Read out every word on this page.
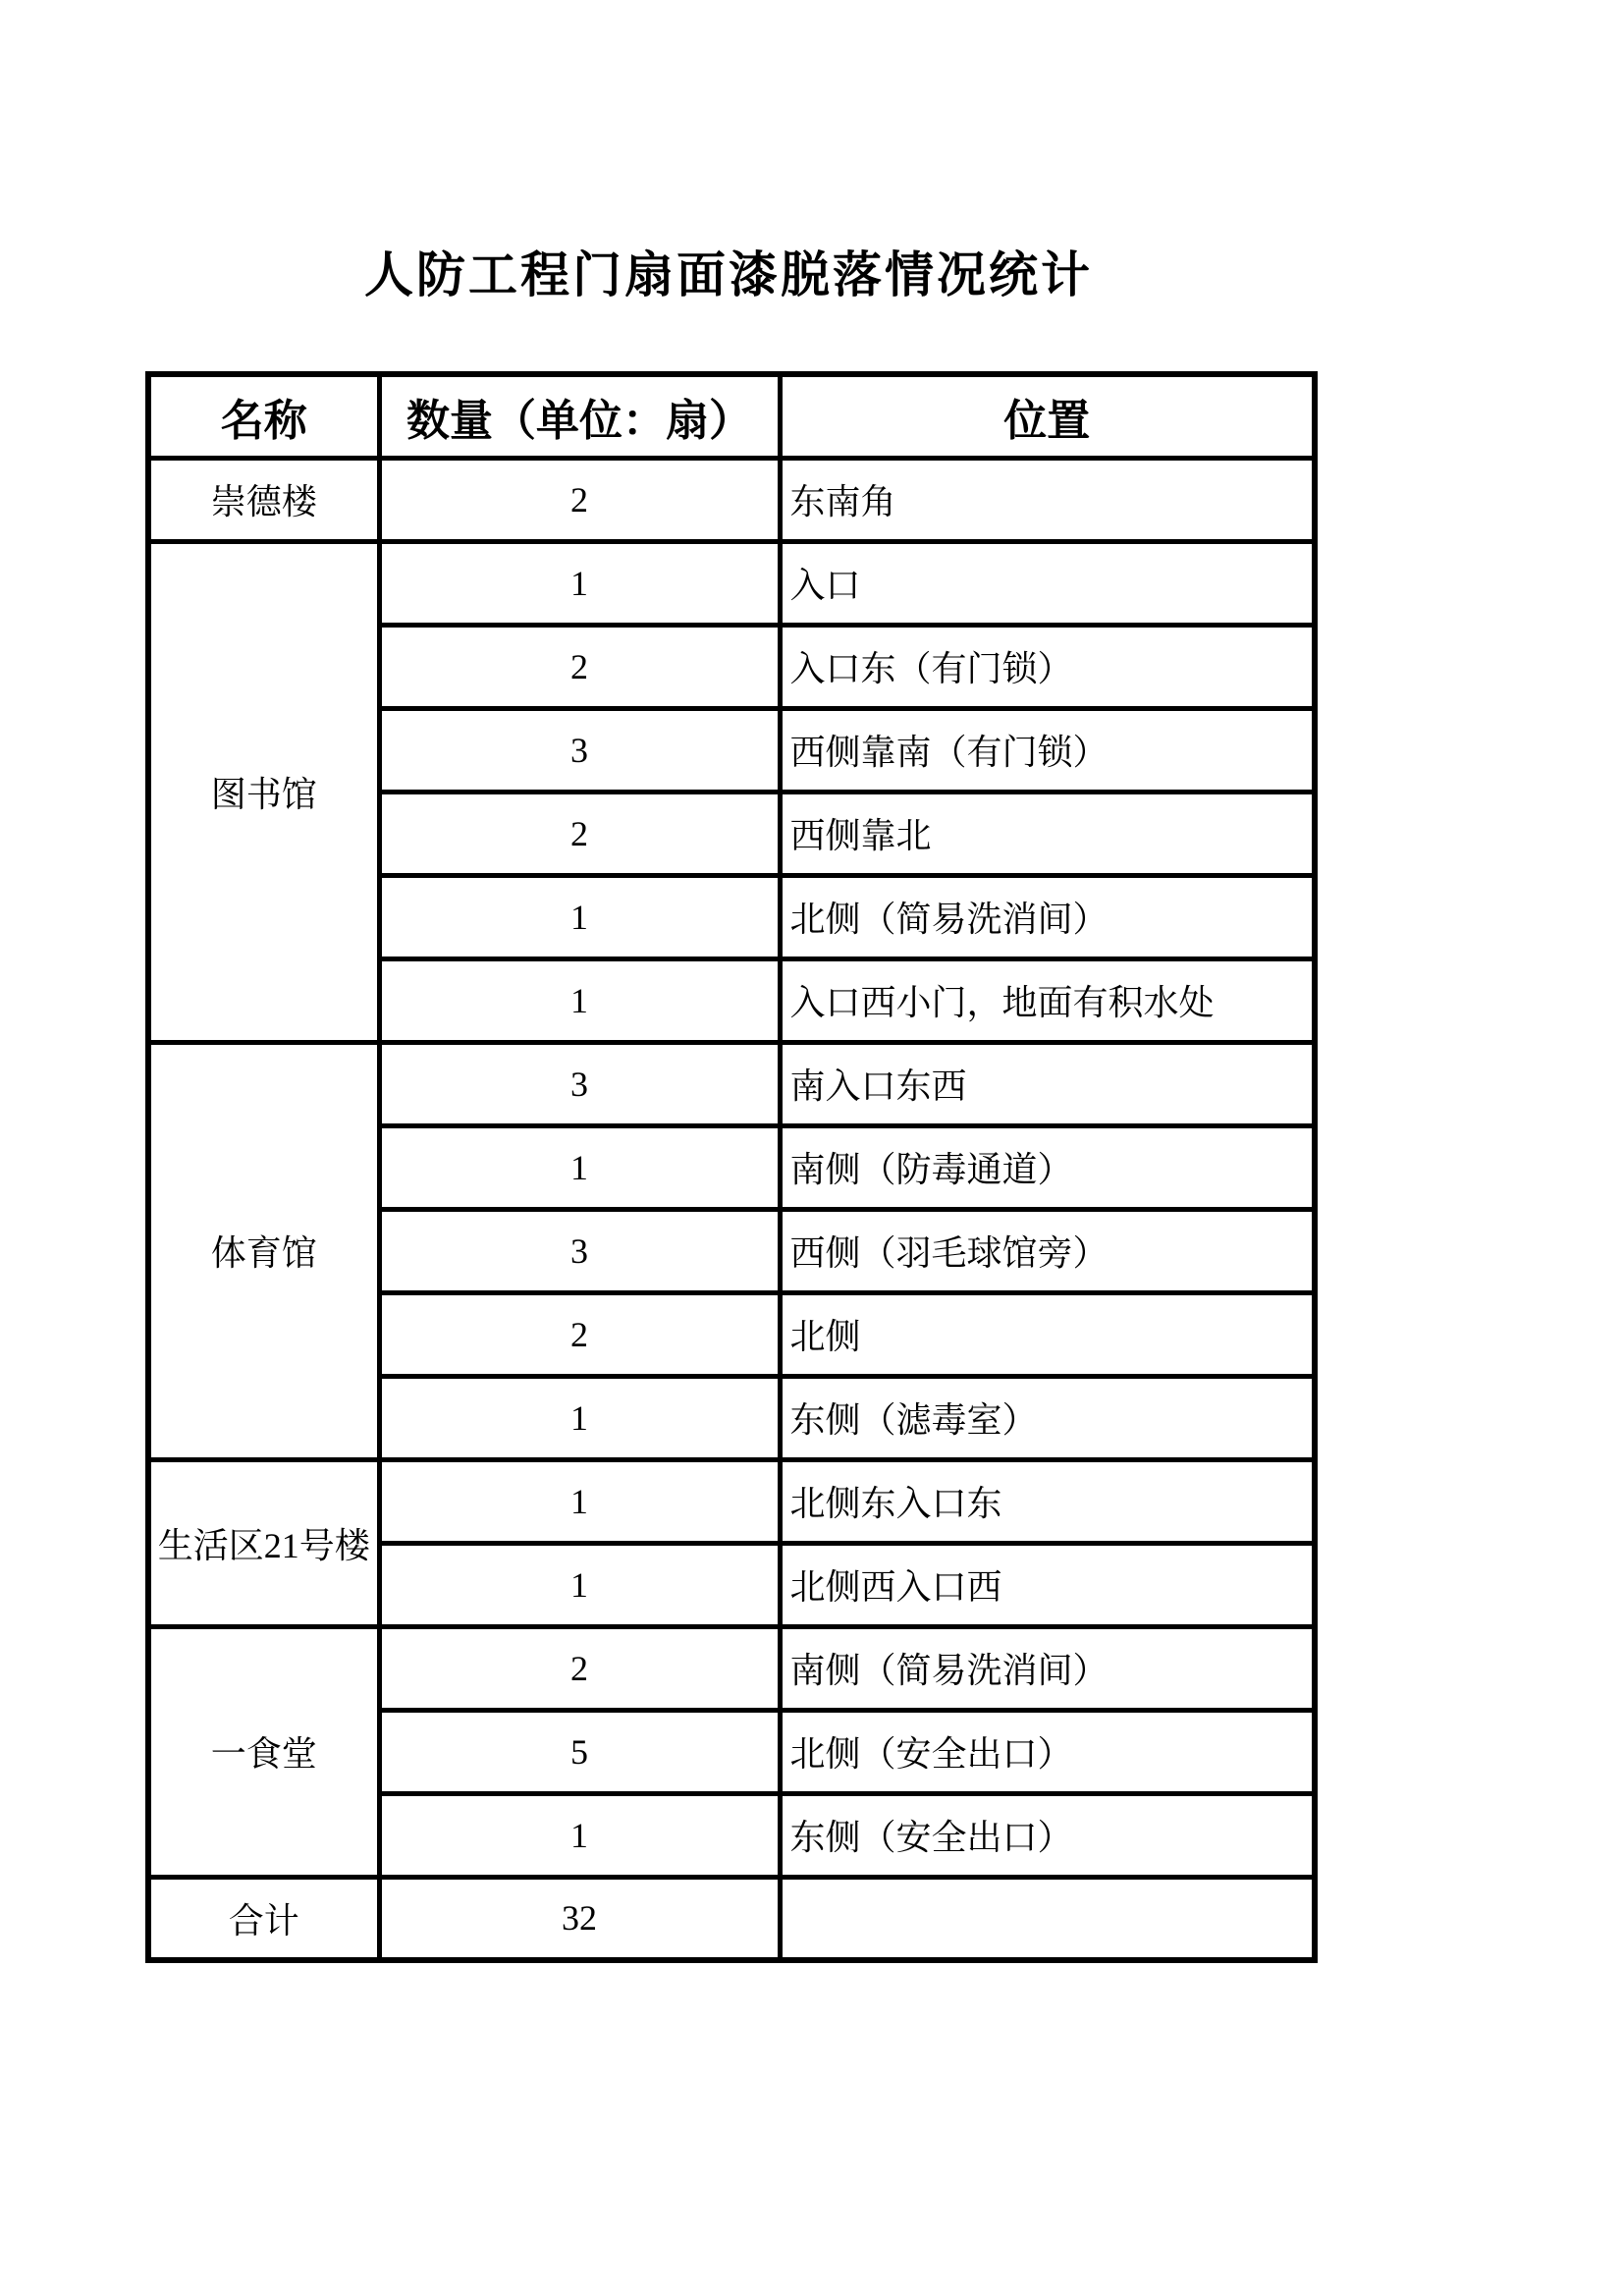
人防工程门扇面漆脱落情况统计
名称	数量（单位：扇）	位置
崇德楼	2	东南角
图书馆	1	入口
	2	入口东（有门锁）
	3	西侧靠南（有门锁）
	2	西侧靠北
	1	北侧（简易洗消间）
	1	入口西小门，地面有积水处
体育馆	3	南入口东西
	1	南侧（防毒通道）
	3	西侧（羽毛球馆旁）
	2	北侧
	1	东侧（滤毒室）
生活区21号楼	1	北侧东入口东
	1	北侧西入口西
一食堂	2	南侧（简易洗消间）
	5	北侧（安全出口）
	1	东侧（安全出口）
合计	32	
